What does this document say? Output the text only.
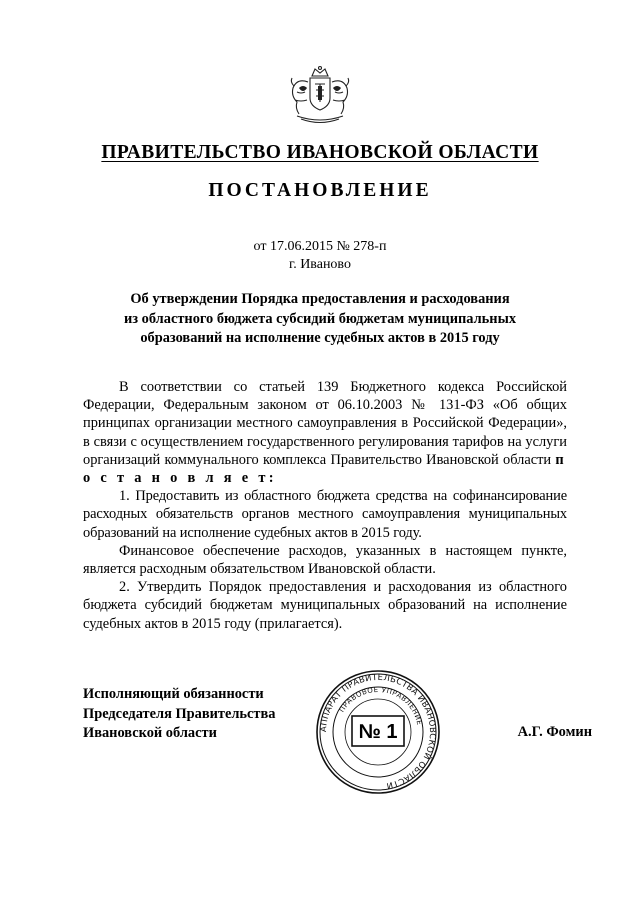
ПРАВИТЕЛЬСТВО ИВАНОВСКОЙ ОБЛАСТИ
ПОСТАНОВЛЕНИЕ
от 17.06.2015 № 278-п
г. Иваново
Об утверждении Порядка предоставления и расходования
из областного бюджета субсидий бюджетам муниципальных
образований на исполнение судебных актов в 2015 году

В соответствии со статьей 139 Бюджетного кодекса Российской Федерации, Федеральным законом от 06.10.2003 № 131-ФЗ «Об общих принципах организации местного самоуправления в Российской Федерации», в связи с осуществлением государственного регулирования тарифов на услуги организаций коммунального комплекса Правительство Ивановской области п о с т а н о в л я е т:

1. Предоставить из областного бюджета средства на софинансирование расходных обязательств органов местного самоуправления муниципальных образований на исполнение судебных актов в 2015 году.

Финансовое обеспечение расходов, указанных в настоящем пункте, является расходным обязательством Ивановской области.

2. Утвердить Порядок предоставления и расходования из областного бюджета субсидий бюджетам муниципальных образований на исполнение судебных актов в 2015 году (прилагается).

Исполняющий обязанности
Председателя Правительства
Ивановской области	АППАРАТ ПРАВИТЕЛЬСТВА ИВАНОВСКОЙ ОБЛАСТИ
ПРАВОВОЕ УПРАВЛЕНИЕ
№ 1	А.Г. Фомин
